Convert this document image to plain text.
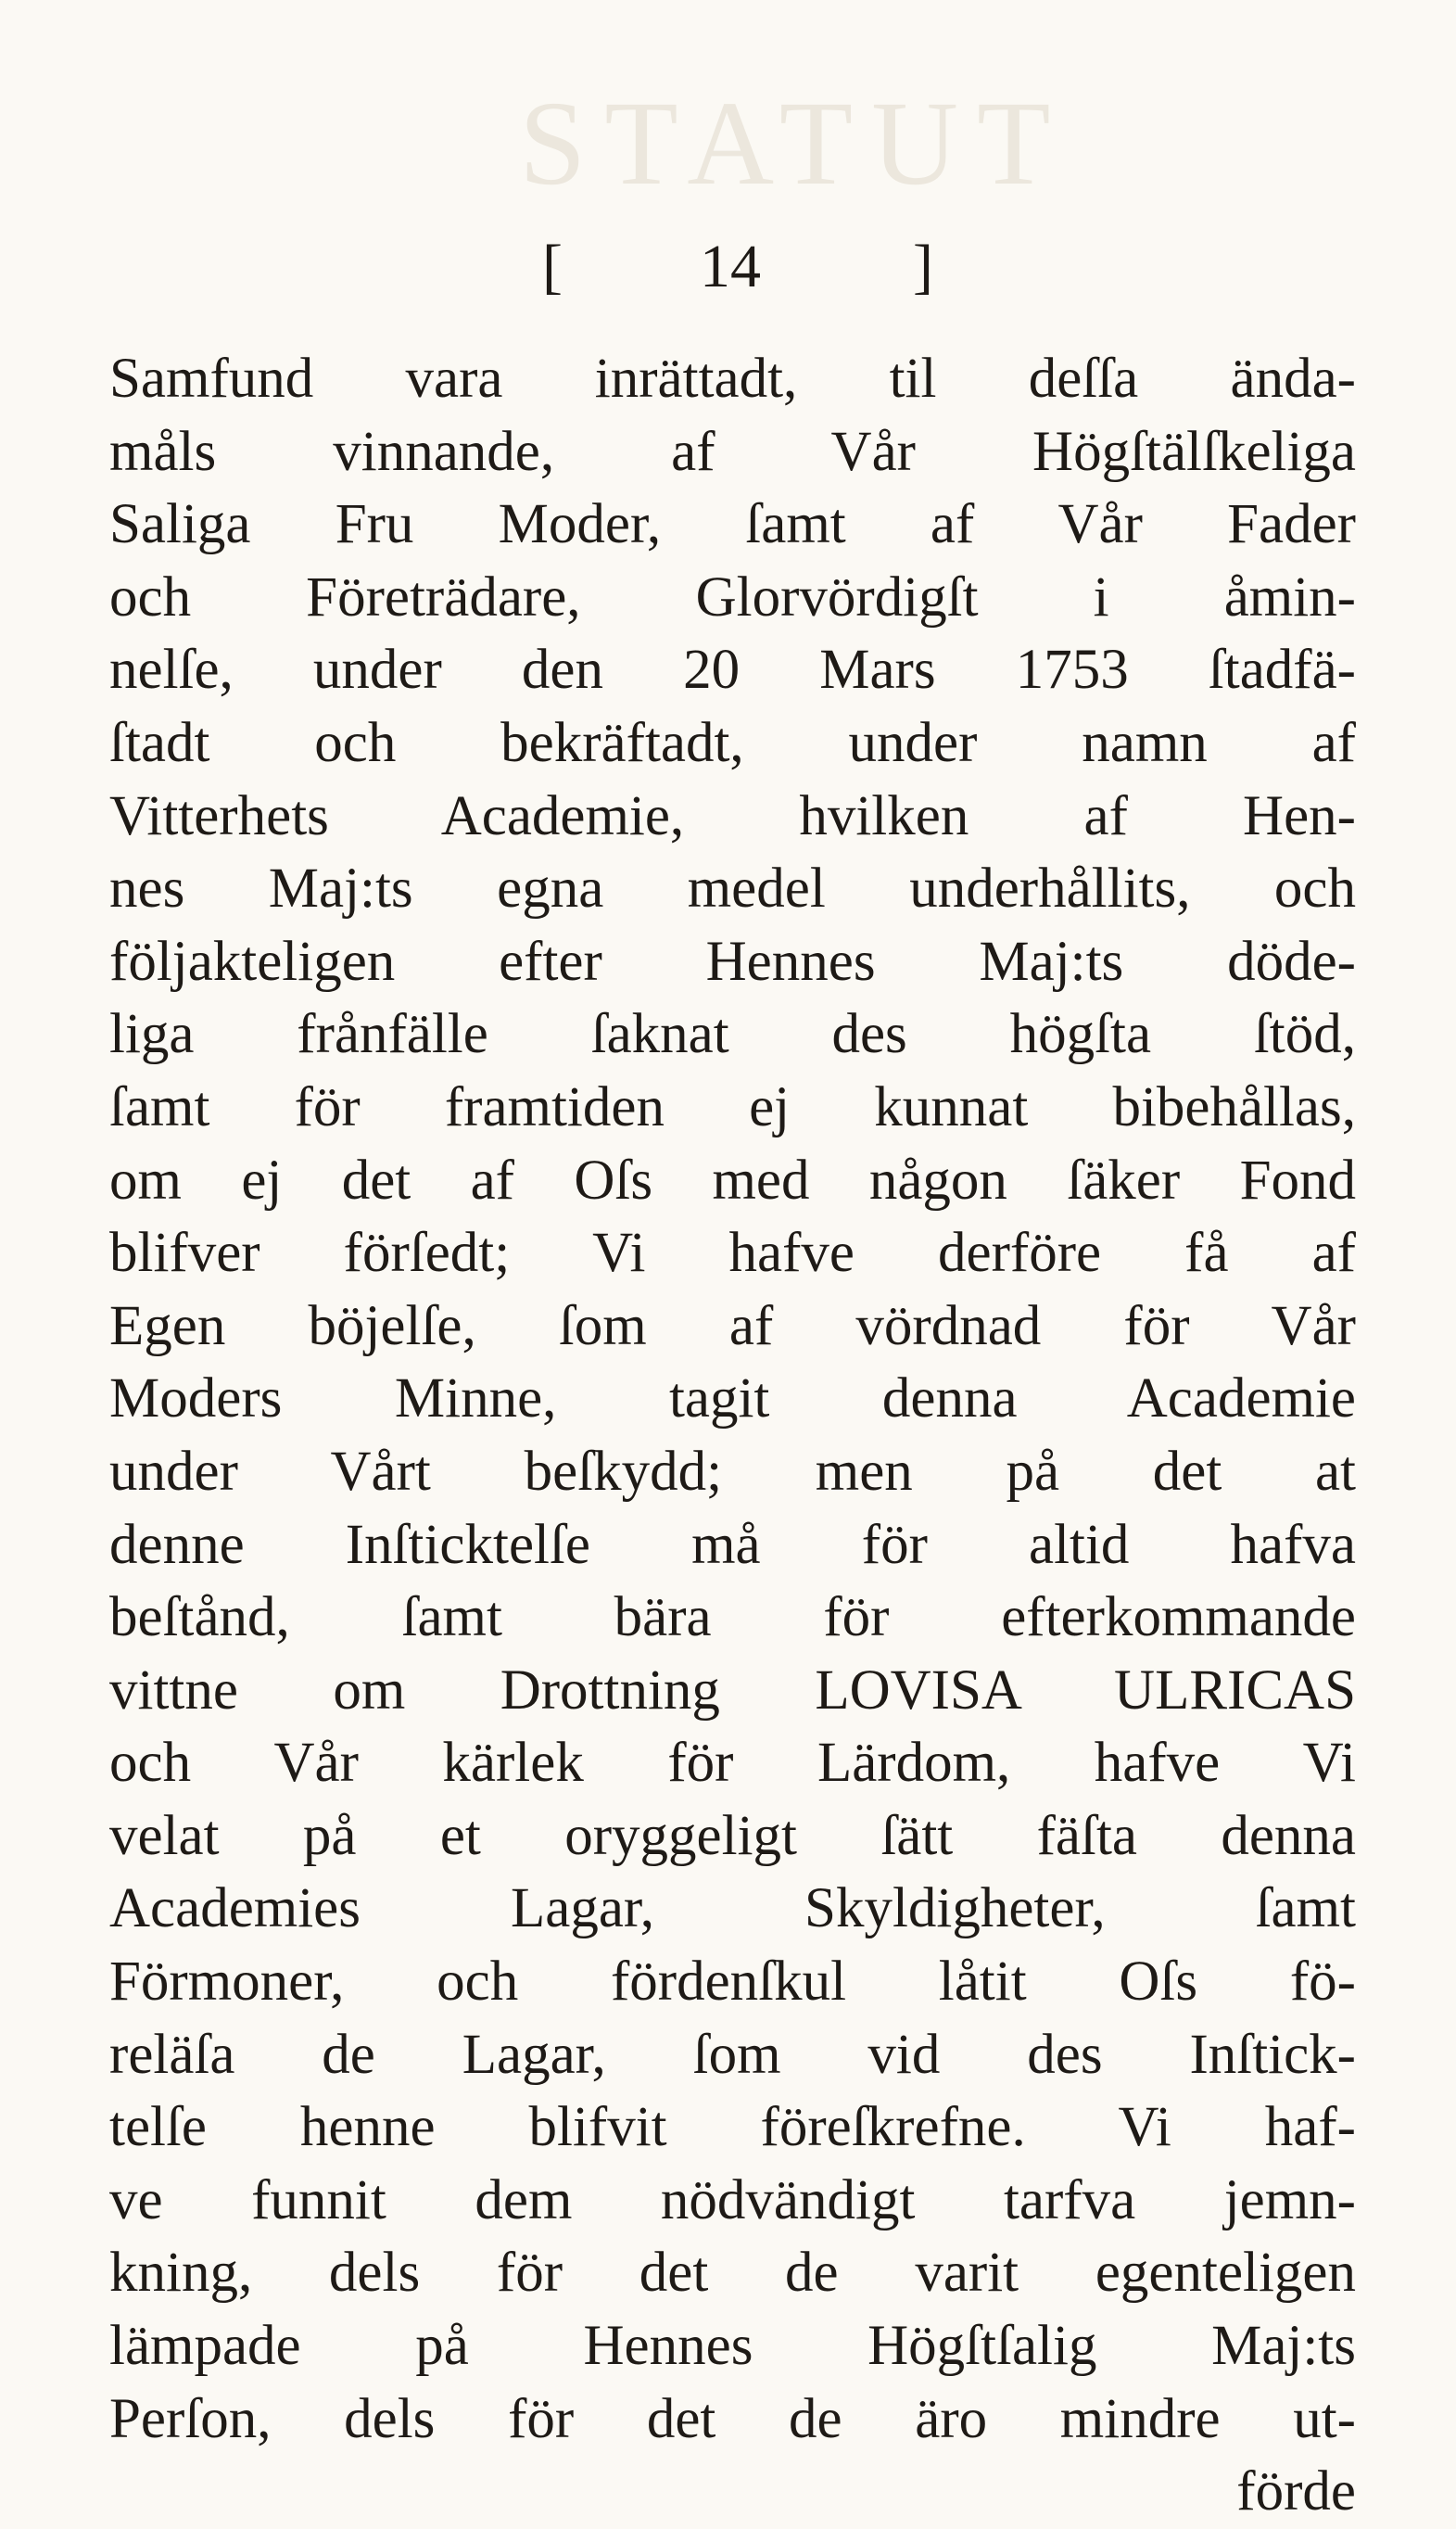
STATUT
[ 14 ]
Samfund vara inrättadt, til deſſa ända-
måls vinnande, af Vår Högſtälſkeliga
Saliga Fru Moder, ſamt af Vår Fader
och Företrädare, Glorvördigſt i åmin-
nelſe, under den 20 Mars 1753 ſtadfä-
ſtadt och bekräftadt, under namn af
Vitterhets Academie, hvilken af Hen-
nes Maj:ts egna medel underhållits, och
följakteligen efter Hennes Maj:ts döde-
liga frånfälle ſaknat des högſta ſtöd,
ſamt för framtiden ej kunnat bibehållas,
om ej det af Oſs med någon ſäker Fond
blifver förſedt; Vi hafve derföre få af
Egen böjelſe, ſom af vördnad för Vår
Moders Minne, tagit denna Academie
under Vårt beſkydd; men på det at
denne Inſticktelſe må för altid hafva
beſtånd, ſamt bära för efterkommande
vittne om Drottning LOVISA ULRICAS
och Vår kärlek för Lärdom, hafve Vi
velat på et oryggeligt ſätt fäſta denna
Academies Lagar, Skyldigheter, ſamt
Förmoner, och fördenſkul låtit Oſs fö-
reläſa de Lagar, ſom vid des Inſtick-
telſe henne blifvit föreſkrefne. Vi haf-
ve funnit dem nödvändigt tarfva jemn-
kning, dels för det de varit egenteligen
lämpade på Hennes Högſtſalig Maj:ts
Perſon, dels för det de äro mindre ut-
förde
